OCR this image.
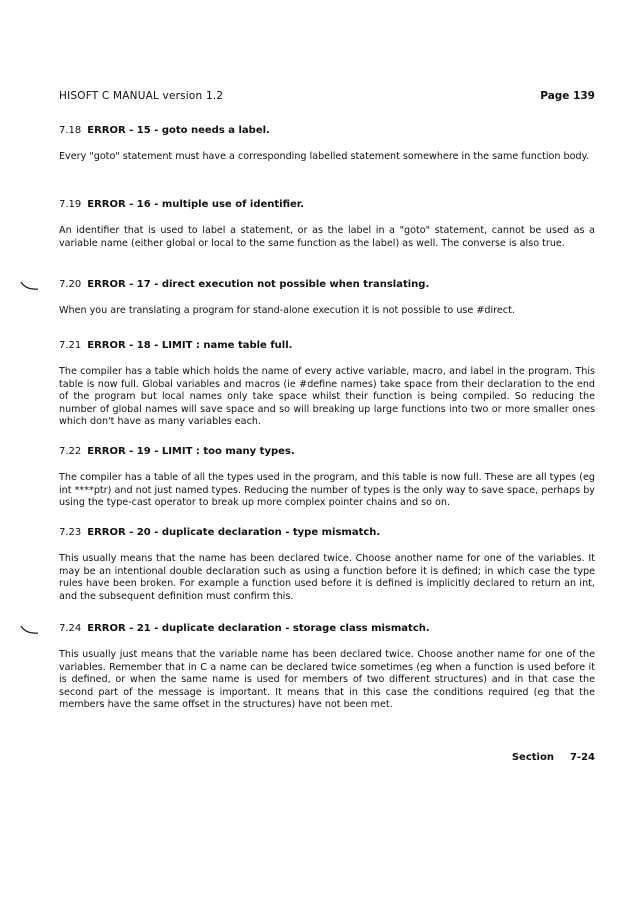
HISOFT C MANUAL version 1.2	Page 139
7.18 ERROR - 15 - goto needs a label.
Every "goto" statement must have a corresponding labelled statement somewhere in the same function body.
7.19 ERROR - 16 - multiple use of identifier.
An identifier that is used to label a statement, or as the label in a "goto" statement, cannot be used as a variable name (either global or local to the same function as the label) as well. The converse is also true.
7.20 ERROR - 17 - direct execution not possible when translating.
When you are translating a program for stand-alone execution it is not possible to use #direct.
7.21 ERROR - 18 - LIMIT : name table full.
The compiler has a table which holds the name of every active variable, macro, and label in the program. This table is now full. Global variables and macros (ie #define names) take space from their declaration to the end of the program but local names only take space whilst their function is being compiled. So reducing the number of global names will save space and so will breaking up large functions into two or more smaller ones which don't have as many variables each.
7.22 ERROR - 19 - LIMIT : too many types.
The compiler has a table of all the types used in the program, and this table is now full. These are all types (eg int ****ptr) and not just named types. Reducing the number of types is the only way to save space, perhaps by using the type-cast operator to break up more complex pointer chains and so on.
7.23 ERROR - 20 - duplicate declaration - type mismatch.
This usually means that the name has been declared twice. Choose another name for one of the variables. It may be an intentional double declaration such as using a function before it is defined; in which case the type rules have been broken. For example a function used before it is defined is implicitly declared to return an int, and the subsequent definition must confirm this.
7.24 ERROR - 21 - duplicate declaration - storage class mismatch.
This usually just means that the variable name has been declared twice. Choose another name for one of the variables. Remember that in C a name can be declared twice sometimes (eg when a function is used before it is defined, or when the same name is used for members of two different structures) and in that case the second part of the message is important. It means that in this case the conditions required (eg that the members have the same offset in the structures) have not been met.
Section 7-24
